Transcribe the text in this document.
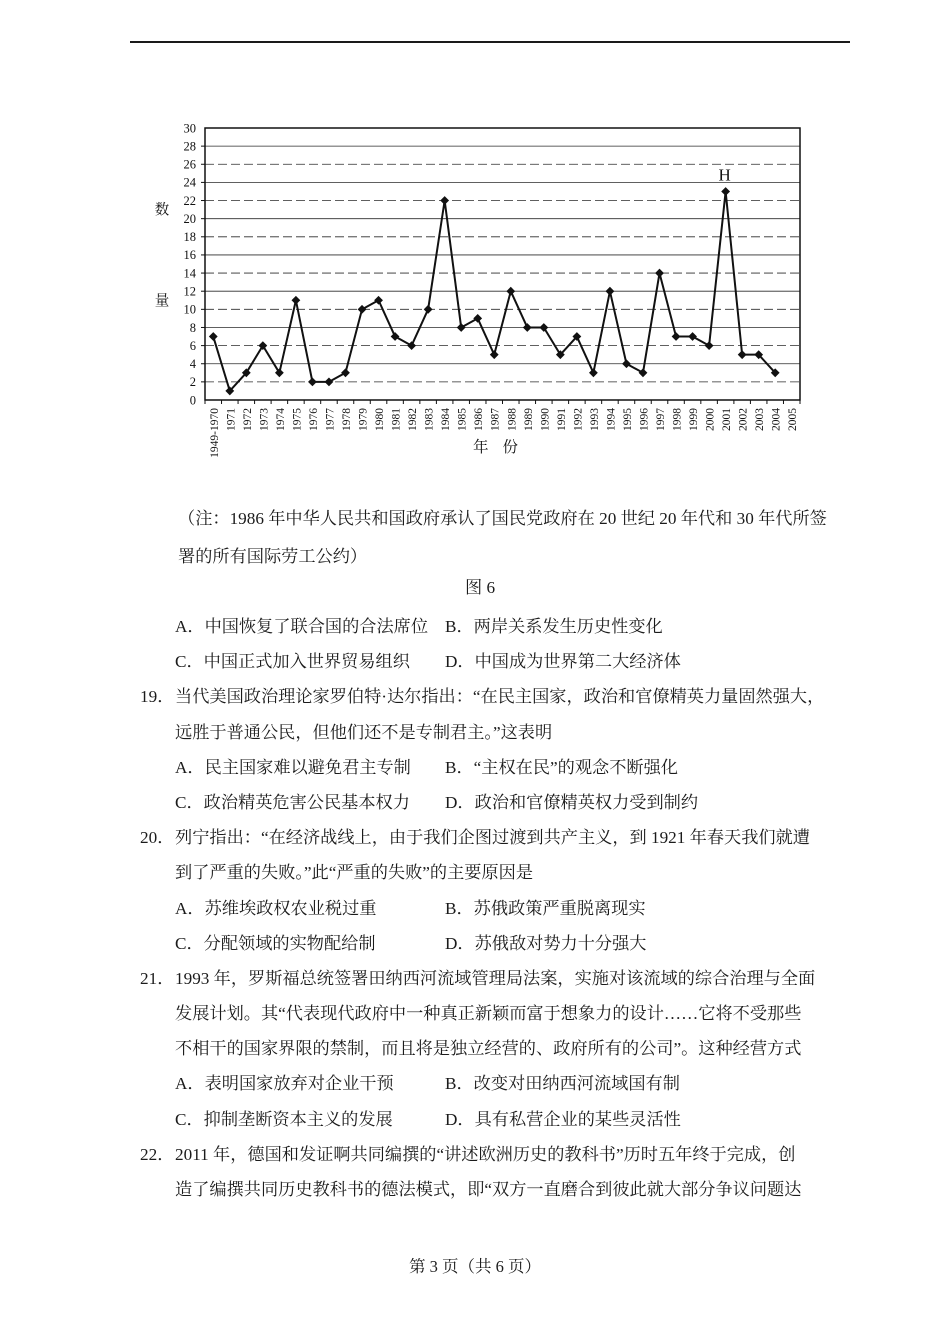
0
2
4
6
8
10
12
14
16
18
20
22
24
26
28
30
1949-1970 1971 1972 1973 1974 1975 1976 1977 1978 1979 1980 1981 1982 1983 1984 1985 1986 1987 1988 1989 1990 1991 1992 1993 1994 1995 1996 1997 1998 1999 2000 2001 2002 2003 2004 2005
数
量
年份
H
（注：1986 年中华人民共和国政府承认了国民党政府在 20 世纪 20 年代和 30 年代所签
署的所有国际劳工公约）
图 6
A．中国恢复了联合国的合法席位 B．两岸关系发生历史性变化
C．中国正式加入世界贸易组织 D．中国成为世界第二大经济体
19．当代美国政治理论家罗伯特·达尔指出：“在民主国家，政治和官僚精英力量固然强大，
远胜于普通公民，但他们还不是专制君主。”这表明
A．民主国家难以避免君主专制 B．“主权在民”的观念不断强化
C．政治精英危害公民基本权力 D．政治和官僚精英权力受到制约
20．列宁指出：“在经济战线上，由于我们企图过渡到共产主义，到 1921 年春天我们就遭
到了严重的失败。”此“严重的失败”的主要原因是
A．苏维埃政权农业税过重	B．苏俄政策严重脱离现实
C．分配领域的实物配给制	D．苏俄敌对势力十分强大
21．1993 年，罗斯福总统签署田纳西河流域管理局法案，实施对该流域的综合治理与全面
发展计划。其“代表现代政府中一种真正新颖而富于想象力的设计……它将不受那些
不相干的国家界限的禁制，而且将是独立经营的、政府所有的公司”。这种经营方式
A．表明国家放弃对企业干预	B．改变对田纳西河流域国有制
C．抑制垄断资本主义的发展	D．具有私营企业的某些灵活性
22．2011 年，德国和发证啊共同编撰的“讲述欧洲历史的教科书”历时五年终于完成，创
造了编撰共同历史教科书的德法模式，即“双方一直磨合到彼此就大部分争议问题达
第 3 页（共 6 页）
